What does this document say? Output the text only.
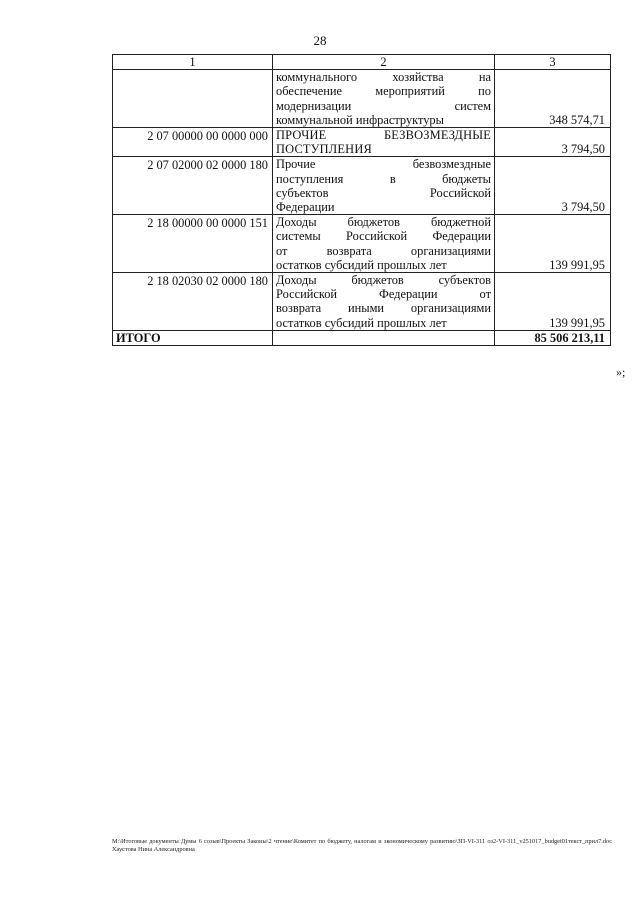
28
1	2	3

	коммунального хозяйства на
обеспечение мероприятий по
модернизации систем
коммунальной инфраструктуры	348 574,71
2 07 00000 00 0000 000	ПРОЧИЕ БЕЗВОЗМЕЗДНЫЕ
ПОСТУПЛЕНИЯ	3 794,50
2 07 02000 02 0000 180	Прочие безвозмездные
поступления в бюджеты
субъектов Российской
Федерации	3 794,50
2 18 00000 00 0000 151	Доходы бюджетов бюджетной
системы Российской Федерации
от возврата организациями
остатков субсидий прошлых лет	139 991,95
2 18 02030 02 0000 180	Доходы бюджетов субъектов
Российской Федерации от
возврата иными организациями
остатков субсидий прошлых лет	139 991,95
ИТОГО		85 506 213,11
»;
M:\Итоговые документы Думы 6 созыв\Проекты Законы\2 чтение\Комитет по бюджету, налогам и экономическому развитию\ЗП-VI-311 оз2-VI-311_v251017_budget01текст_прил7.doc Хаустова Нина Александровна
